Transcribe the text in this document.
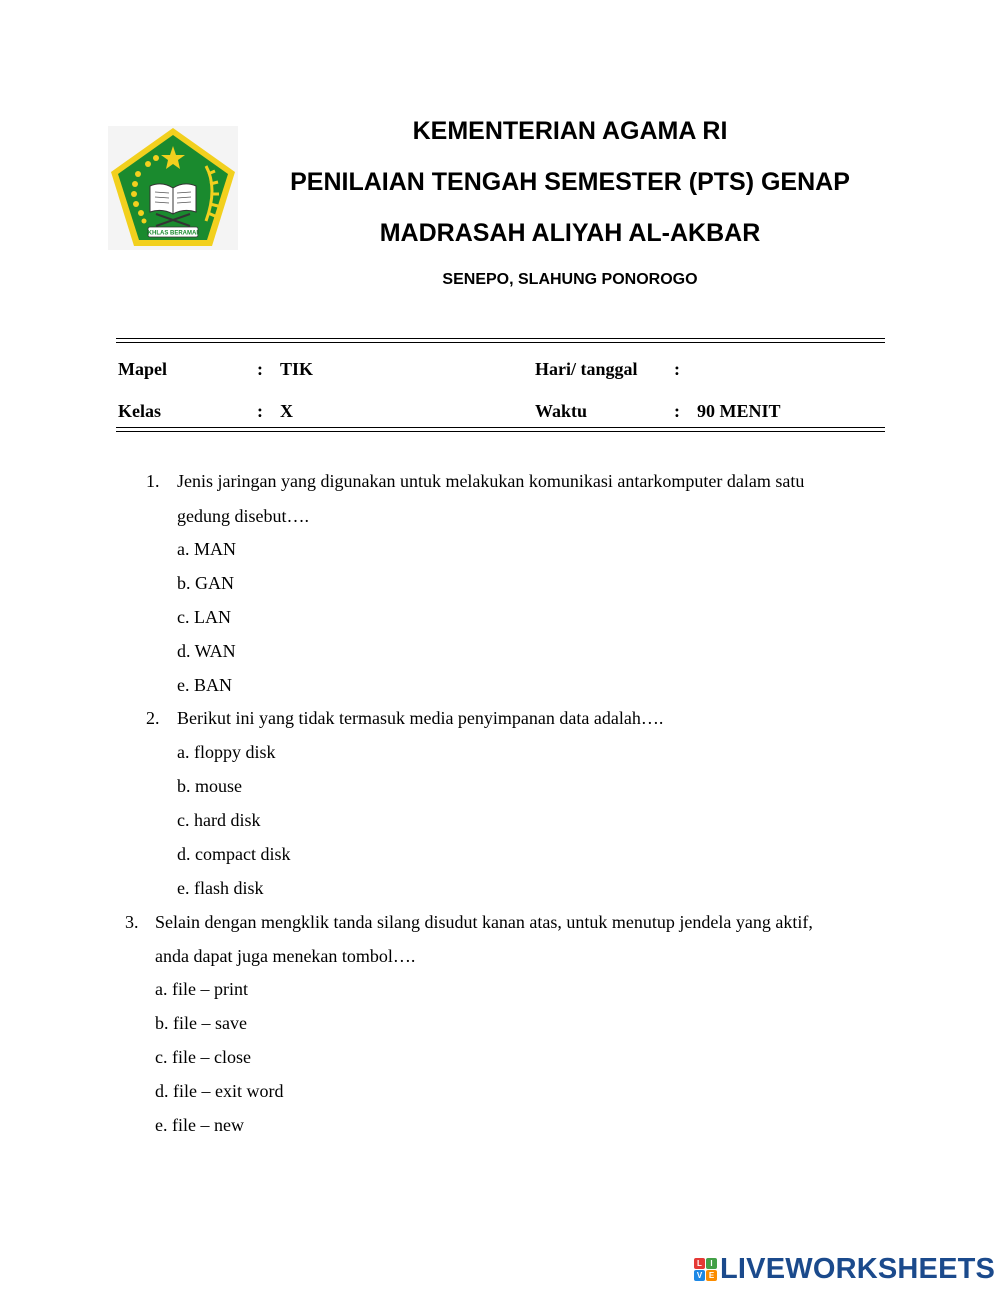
IKHLAS BERAMAL
KEMENTERIAN AGAMA RI
PENILAIAN TENGAH SEMESTER (PTS) GENAP
MADRASAH ALIYAH AL-AKBAR
SENEPO, SLAHUNG PONOROGO
Mapel	: TIK	Hari/ tanggal :
Kelas	: X	Waktu	: 90 MENIT
1. Jenis jaringan yang digunakan untuk melakukan komunikasi antarkomputer dalam satu
gedung disebut….
a. MAN
b. GAN
c. LAN
d. WAN
e. BAN
2. Berikut ini yang tidak termasuk media penyimpanan data adalah….
a. floppy disk
b. mouse
c. hard disk
d. compact disk
e. flash disk
3. Selain dengan mengklik tanda silang disudut kanan atas, untuk menutup jendela yang aktif,
anda dapat juga menekan tombol….
a. file – print
b. file – save
c. file – close
d. file – exit word
e. file – new
L	I
V E LIVEWORKSHEETS
